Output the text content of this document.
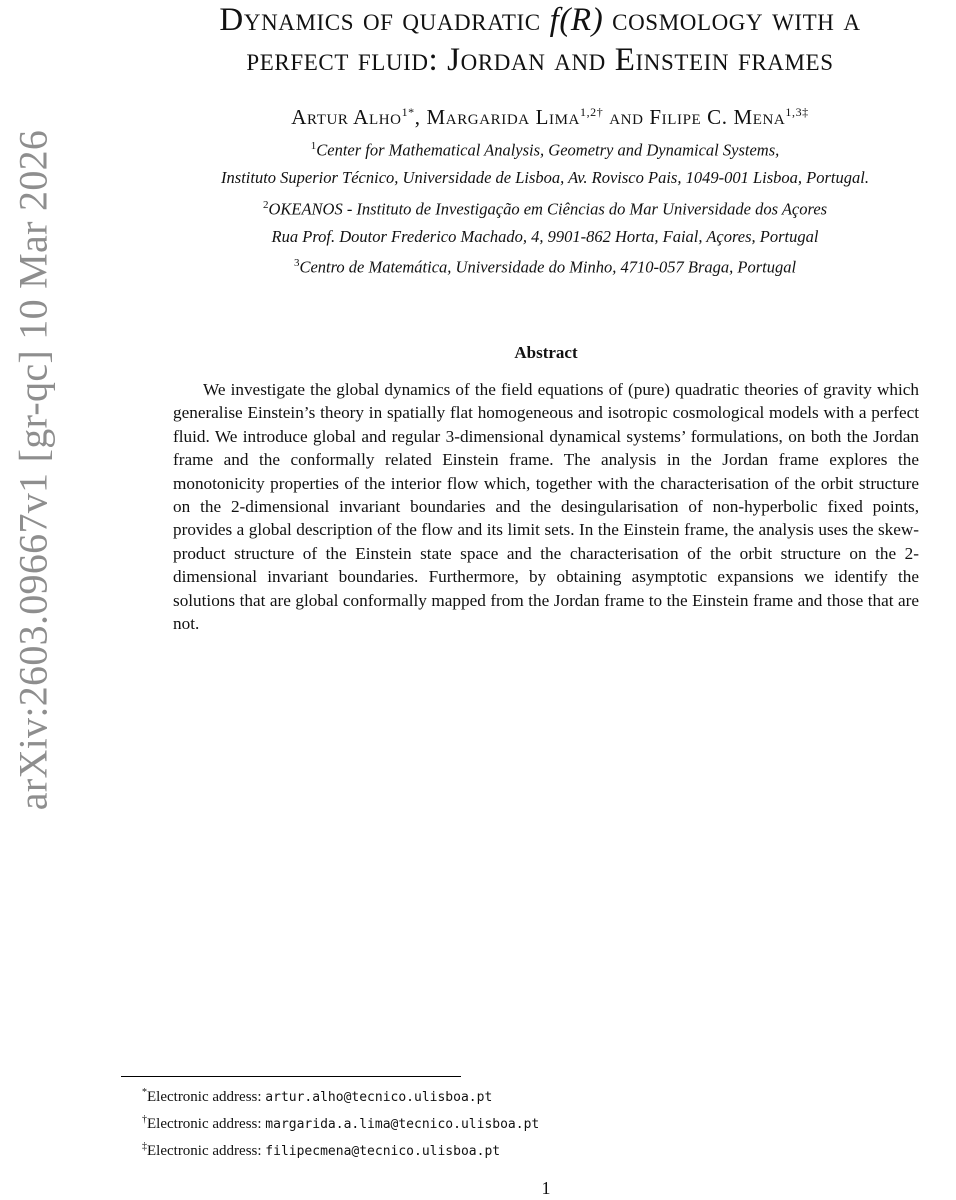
arXiv:2603.09667v1 [gr-qc] 10 Mar 2026
Dynamics of quadratic f(R) cosmology with a
perfect fluid: Jordan and Einstein frames
Artur Alho$^{1*}$, Margarida Lima$^{1,2\dagger}$ and Filipe C. Mena$^{1,3\ddagger}$
$^1$Center for Mathematical Analysis, Geometry and Dynamical Systems,
Instituto Superior Técnico, Universidade de Lisboa, Av. Rovisco Pais, 1049-001 Lisboa, Portugal.
$^2$OKEANOS - Instituto de Investigação em Ciências do Mar Universidade dos Açores
Rua Prof. Doutor Frederico Machado, 4, 9901-862 Horta, Faial, Açores, Portugal
$^3$Centro de Matemática, Universidade do Minho, 4710-057 Braga, Portugal
Abstract

We investigate the global dynamics of the field equations of (pure) quadratic theories of gravity which generalise Einstein’s theory in spatially flat homogeneous and isotropic cosmological models with a perfect fluid. We introduce global and regular 3-dimensional dynamical systems’ formulations, on both the Jordan frame and the conformally related Einstein frame. The analysis in the Jordan frame explores the monotonicity properties of the interior flow which, together with the characterisation of the orbit structure on the 2-dimensional invariant boundaries and the desingularisation of non-hyperbolic fixed points, provides a global description of the flow and its limit sets. In the Einstein frame, the analysis uses the skew-product structure of the Einstein state space and the characterisation of the orbit structure on the 2-dimensional invariant boundaries. Furthermore, by obtaining asymptotic expansions we identify the solutions that are global conformally mapped from the Jordan frame to the Einstein frame and those that are not.

*Electronic address: artur.alho@tecnico.ulisboa.pt
†Electronic address: margarida.a.lima@tecnico.ulisboa.pt
‡Electronic address: filipecmena@tecnico.ulisboa.pt
1
